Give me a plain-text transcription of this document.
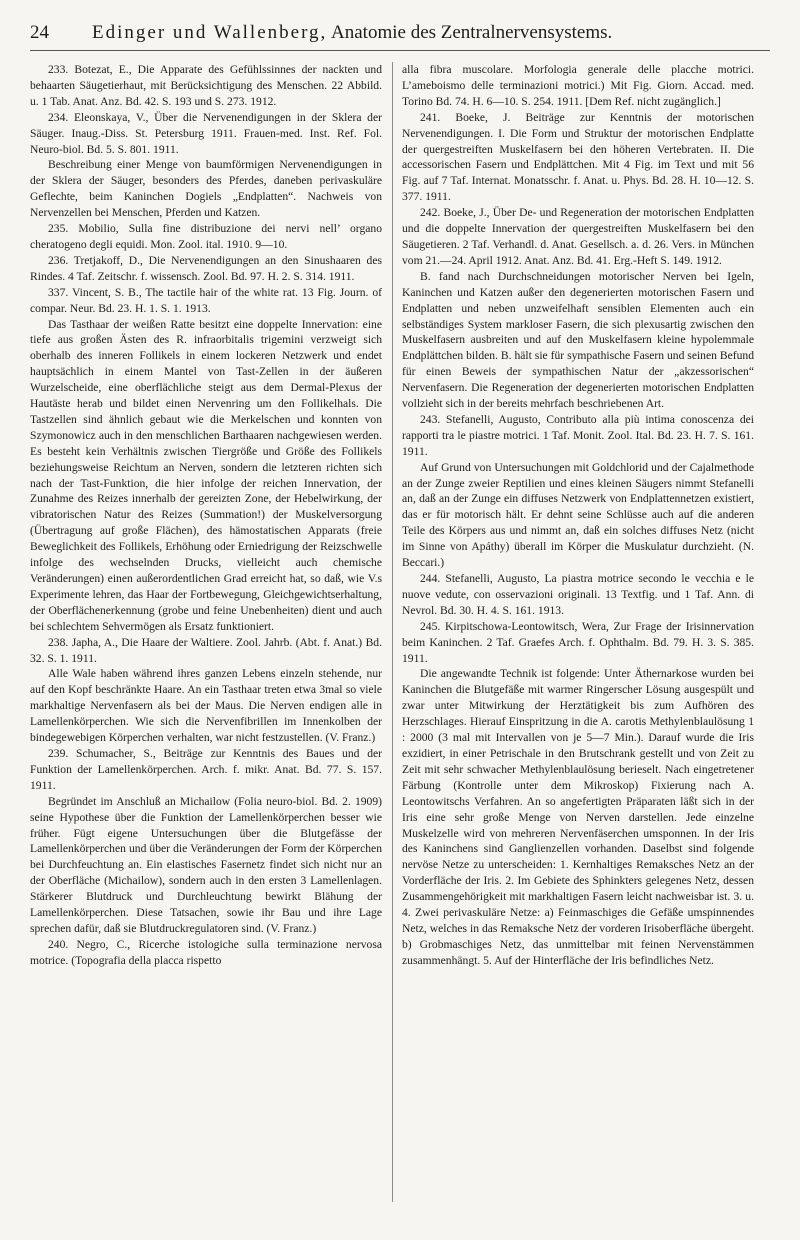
24 Edinger und Wallenberg, Anatomie des Zentralnervensystems.

233. Botezat, E., Die Apparate des Gefühlssinnes der nackten und behaarten Säugetierhaut, mit Berücksichtigung des Menschen. 22 Abbild. u. 1 Tab. Anat. Anz. Bd. 42. S. 193 und S. 273. 1912.

234. Eleonskaya, V., Über die Nervenendigungen in der Sklera der Säuger. Inaug.-Diss. St. Petersburg 1911. Frauen-med. Inst. Ref. Fol. Neuro-biol. Bd. 5. S. 801. 1911.

Beschreibung einer Menge von baumförmigen Nervenendigungen in der Sklera der Säuger, besonders des Pferdes, daneben perivaskuläre Geflechte, beim Kaninchen Dogiels „Endplatten“. Nachweis von Nervenzellen bei Menschen, Pferden und Katzen.

235. Mobilio, Sulla fine distribuzione dei nervi nell’ organo cheratogeno degli equidi. Mon. Zool. ital. 1910. 9—10.

236. Tretjakoff, D., Die Nervenendigungen an den Sinushaaren des Rindes. 4 Taf. Zeitschr. f. wissensch. Zool. Bd. 97. H. 2. S. 314. 1911.

337. Vincent, S. B., The tactile hair of the white rat. 13 Fig. Journ. of compar. Neur. Bd. 23. H. 1. S. 1. 1913.

Das Tasthaar der weißen Ratte besitzt eine doppelte Innervation: eine tiefe aus großen Ästen des R. infraorbitalis trigemini verzweigt sich oberhalb des inneren Follikels in einem lockeren Netzwerk und endet hauptsächlich in einem Mantel von Tast-Zellen in der äußeren Wurzelscheide, eine oberflächliche steigt aus dem Dermal-Plexus der Hautäste herab und bildet einen Nervenring um den Follikelhals. Die Tastzellen sind ähnlich gebaut wie die Merkelschen und konnten von Szymonowicz auch in den menschlichen Barthaaren nachgewiesen werden. Es besteht kein Verhältnis zwischen Tiergröße und Größe des Follikels beziehungsweise Reichtum an Nerven, sondern die letzteren richten sich nach der Tast-Funktion, die hier infolge der reichen Innervation, der Zunahme des Reizes innerhalb der gereizten Zone, der Hebelwirkung, der vibratorischen Natur des Reizes (Summation!) der Muskelversorgung (Übertragung auf große Flächen), des hämostatischen Apparats (freie Beweglichkeit des Follikels, Erhöhung oder Erniedrigung der Reizschwelle infolge des wechselnden Drucks, vielleicht auch chemische Veränderungen) einen außerordentlichen Grad erreicht hat, so daß, wie V.s Experimente lehren, das Haar der Fortbewegung, Gleichgewichtserhaltung, der Oberflächenerkennung (grobe und feine Unebenheiten) dient und auch bei schlechtem Sehvermögen als Ersatz funktioniert.

238. Japha, A., Die Haare der Waltiere. Zool. Jahrb. (Abt. f. Anat.) Bd. 32. S. 1. 1911.

Alle Wale haben während ihres ganzen Lebens einzeln stehende, nur auf den Kopf beschränkte Haare. An ein Tasthaar treten etwa 3mal so viele markhaltige Nervenfasern als bei der Maus. Die Nerven endigen alle in Lamellenkörperchen. Wie sich die Nervenfibrillen im Innenkolben der bindegewebigen Körperchen verhalten, war nicht festzustellen. (V. Franz.)

239. Schumacher, S., Beiträge zur Kenntnis des Baues und der Funktion der Lamellenkörperchen. Arch. f. mikr. Anat. Bd. 77. S. 157. 1911.

Begründet im Anschluß an Michailow (Folia neuro-biol. Bd. 2. 1909) seine Hypothese über die Funktion der Lamellenkörperchen besser wie früher. Fügt eigene Untersuchungen über die Blutgefässe der Lamellenkörperchen und über die Veränderungen der Form der Körperchen bei Durchfeuchtung an. Ein elastisches Fasernetz findet sich nicht nur an der Oberfläche (Michailow), sondern auch in den ersten 3 Lamellenlagen. Stärkerer Blutdruck und Durchleuchtung bewirkt Blähung der Lamellenkörperchen. Diese Tatsachen, sowie ihr Bau und ihre Lage sprechen dafür, daß sie Blutdruckregulatoren sind. (V. Franz.)

240. Negro, C., Ricerche istologiche sulla terminazione nervosa motrice. (Topografia della placca rispetto

alla fibra muscolare. Morfologia generale delle placche motrici. L’ameboismo delle terminazioni motrici.) Mit Fig. Giorn. Accad. med. Torino Bd. 74. H. 6—10. S. 254. 1911. [Dem Ref. nicht zugänglich.]

241. Boeke, J. Beiträge zur Kenntnis der motorischen Nervenendigungen. I. Die Form und Struktur der motorischen Endplatte der quergestreiften Muskelfasern bei den höheren Vertebraten. II. Die accessorischen Fasern und Endplättchen. Mit 4 Fig. im Text und mit 56 Fig. auf 7 Taf. Internat. Monatsschr. f. Anat. u. Phys. Bd. 28. H. 10—12. S. 377. 1911.

242. Boeke, J., Über De- und Regeneration der motorischen Endplatten und die doppelte Innervation der quergestreiften Muskelfasern bei den Säugetieren. 2 Taf. Verhandl. d. Anat. Gesellsch. a. d. 26. Vers. in München vom 21.—24. April 1912. Anat. Anz. Bd. 41. Erg.-Heft S. 149. 1912.

B. fand nach Durchschneidungen motorischer Nerven bei Igeln, Kaninchen und Katzen außer den degenerierten motorischen Fasern und Endplatten und neben unzweifelhaft sensiblen Elementen auch ein selbständiges System markloser Fasern, die sich plexusartig zwischen den Muskelfasern ausbreiten und auf den Muskelfasern kleine hypolemmale Endplättchen bilden. B. hält sie für sympathische Fasern und seinen Befund für einen Beweis der sympathischen Natur der „akzessorischen“ Nervenfasern. Die Regeneration der degenerierten motorischen Endplatten vollzieht sich in der bereits mehrfach beschriebenen Art.

243. Stefanelli, Augusto, Contributo alla più intima conoscenza dei rapporti tra le piastre motrici. 1 Taf. Monit. Zool. Ital. Bd. 23. H. 7. S. 161. 1911.

Auf Grund von Untersuchungen mit Goldchlorid und der Cajalmethode an der Zunge zweier Reptilien und eines kleinen Säugers nimmt Stefanelli an, daß an der Zunge ein diffuses Netzwerk von Endplattennetzen existiert, das er für motorisch hält. Er dehnt seine Schlüsse auch auf die anderen Teile des Körpers aus und nimmt an, daß ein solches diffuses Netz (nicht im Sinne von Apáthy) überall im Körper die Muskulatur durchzieht. (N. Beccari.)

244. Stefanelli, Augusto, La piastra motrice secondo le vecchia e le nuove vedute, con osservazioni originali. 13 Textfig. und 1 Taf. Ann. di Nevrol. Bd. 30. H. 4. S. 161. 1913.

245. Kirpitschowa-Leontowitsch, Wera, Zur Frage der Irisinnervation beim Kaninchen. 2 Taf. Graefes Arch. f. Ophthalm. Bd. 79. H. 3. S. 385. 1911.

Die angewandte Technik ist folgende: Unter Äthernarkose wurden bei Kaninchen die Blutgefäße mit warmer Ringerscher Lösung ausgespült und zwar unter Mitwirkung der Herztätigkeit bis zum Aufhören des Herzschlages. Hierauf Einspritzung in die A. carotis Methylenblaulösung 1 : 2000 (3 mal mit Intervallen von je 5—7 Min.). Darauf wurde die Iris exzidiert, in einer Petrischale in den Brutschrank gestellt und von Zeit zu Zeit mit sehr schwacher Methylenblaulösung berieselt. Nach eingetretener Färbung (Kontrolle unter dem Mikroskop) Fixierung nach A. Leontowitschs Verfahren. An so angefertigten Präparaten läßt sich in der Iris eine sehr große Menge von Nerven darstellen. Jede einzelne Muskelzelle wird von mehreren Nervenfäserchen umsponnen. In der Iris des Kaninchens sind Ganglienzellen vorhanden. Daselbst sind folgende nervöse Netze zu unterscheiden: 1. Kernhaltiges Remaksches Netz an der Vorderfläche der Iris. 2. Im Gebiete des Sphinkters gelegenes Netz, dessen Zusammengehörigkeit mit markhaltigen Fasern leicht nachweisbar ist. 3. u. 4. Zwei perivaskuläre Netze: a) Feinmaschiges die Gefäße umspinnendes Netz, welches in das Remaksche Netz der vorderen Irisoberfläche übergeht. b) Grobmaschiges Netz, das unmittelbar mit feinen Nervenstämmen zusammenhängt. 5. Auf der Hinterfläche der Iris befindliches Netz.
